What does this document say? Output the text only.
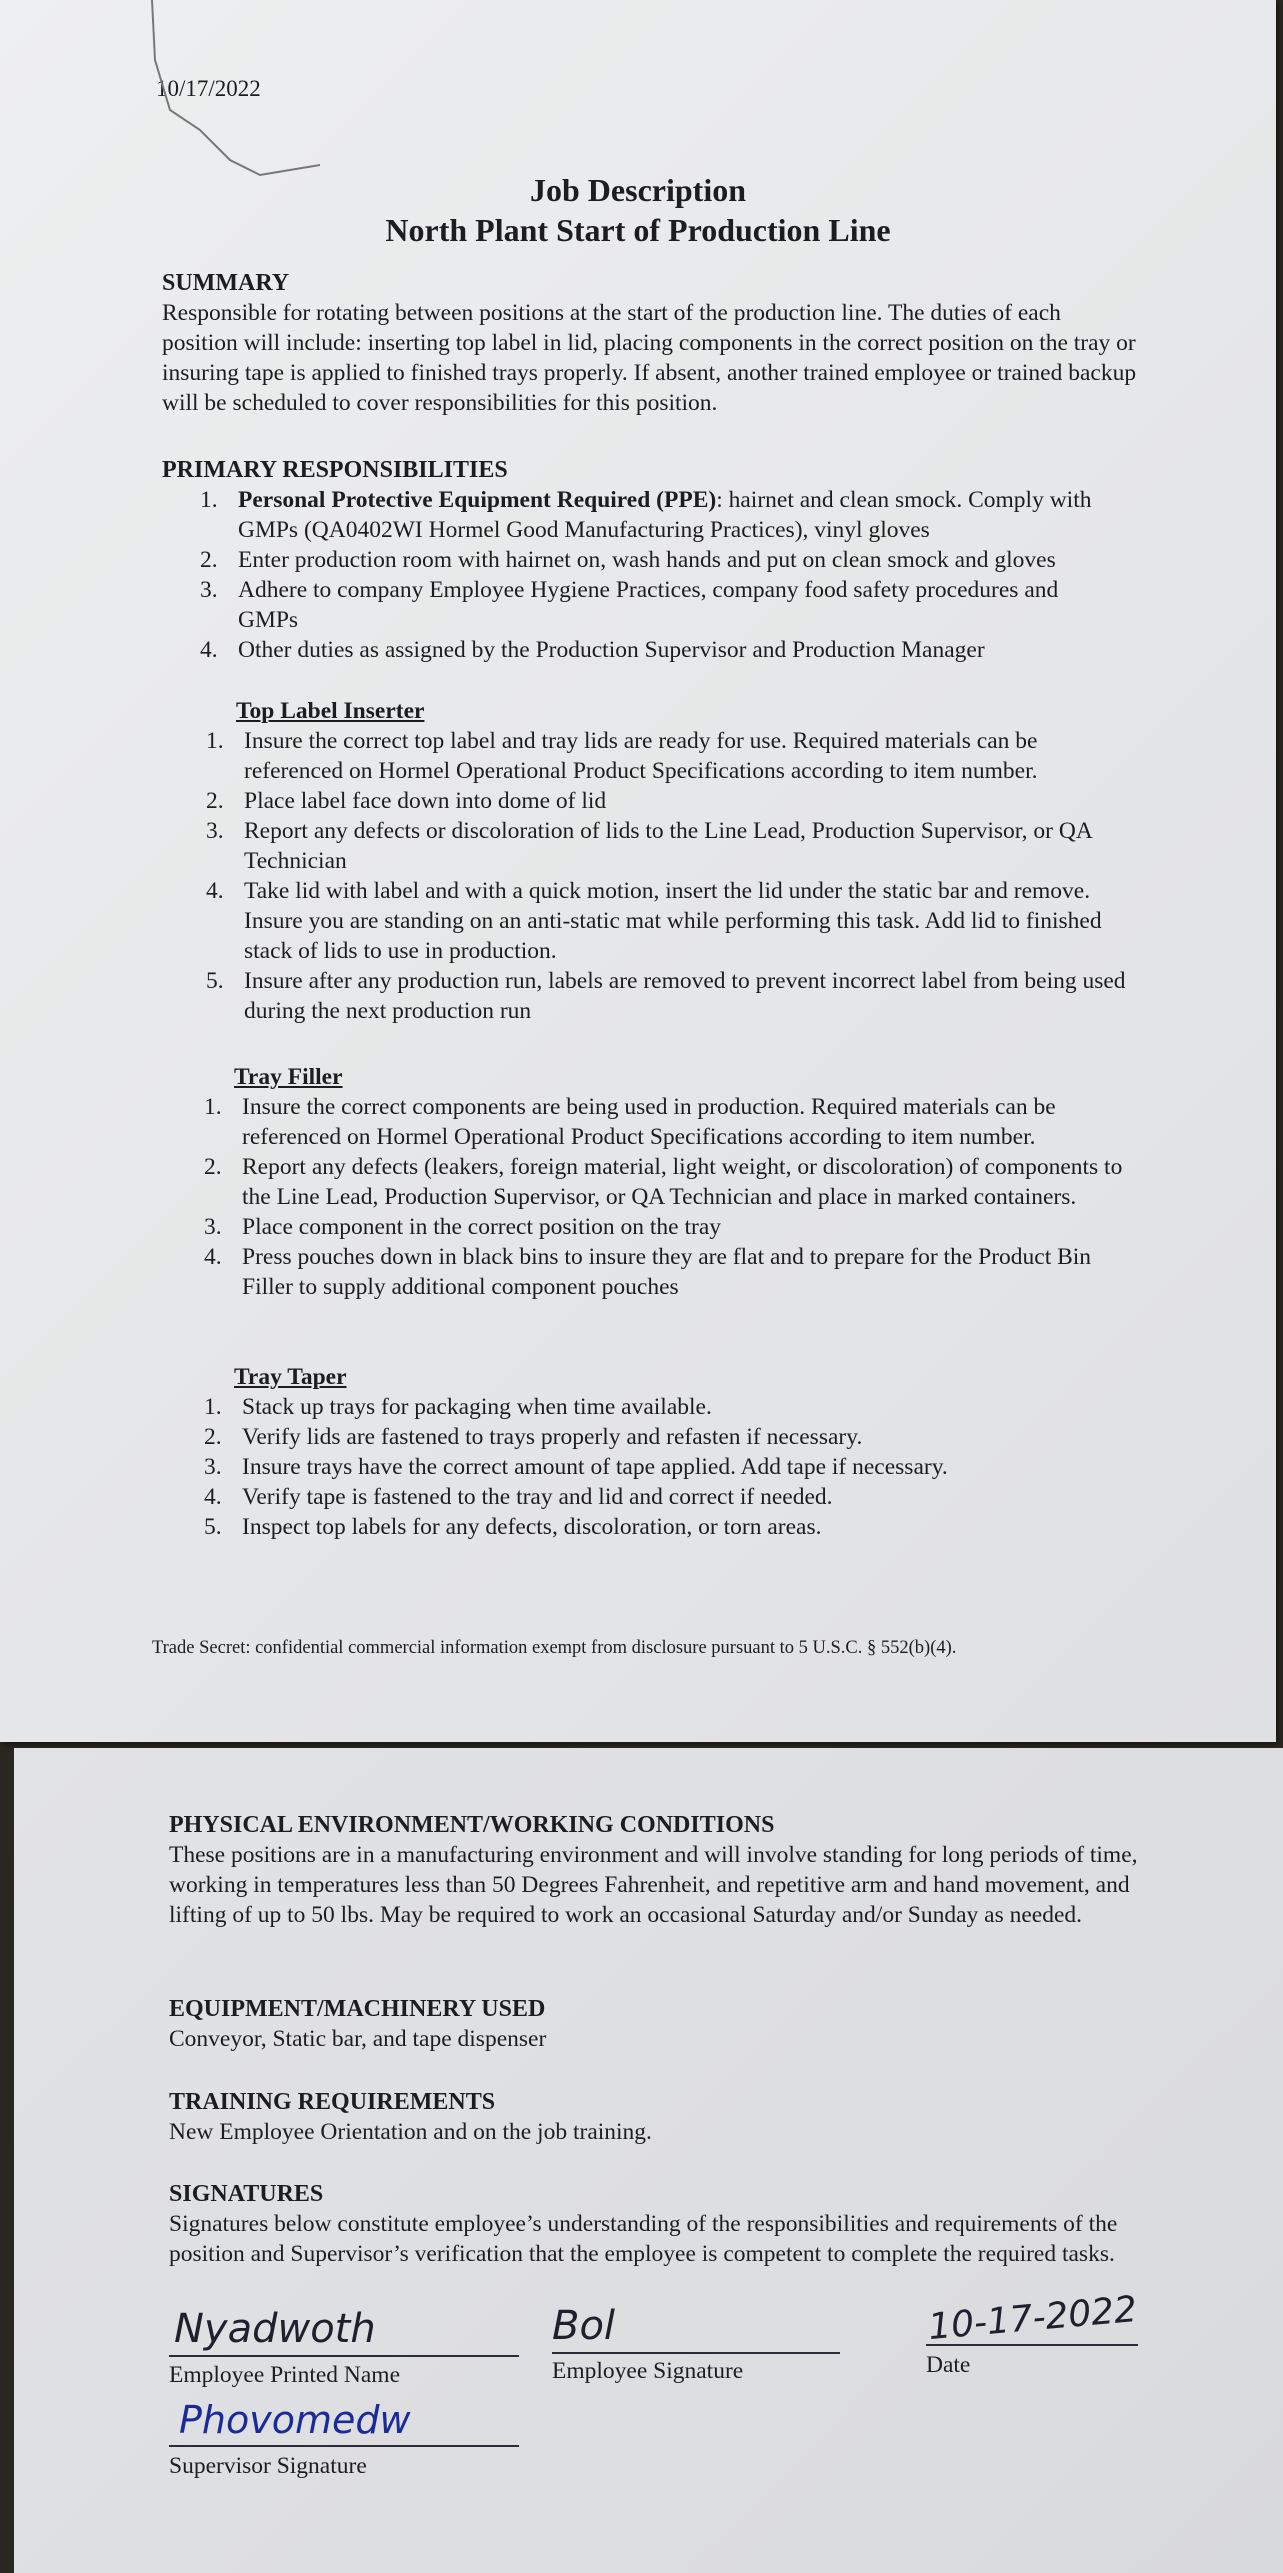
10/17/2022
Job Description
North Plant Start of Production Line
SUMMARY
Responsible for rotating between positions at the start of the production line. The duties of each position will include: inserting top label in lid, placing components in the correct position on the tray or insuring tape is applied to finished trays properly. If absent, another trained employee or trained backup will be scheduled to cover responsibilities for this position.
PRIMARY RESPONSIBILITIES
1. Personal Protective Equipment Required (PPE): hairnet and clean smock. Comply with GMPs (QA0402WI Hormel Good Manufacturing Practices), vinyl gloves
2. Enter production room with hairnet on, wash hands and put on clean smock and gloves
3. Adhere to company Employee Hygiene Practices, company food safety procedures and GMPs
4. Other duties as assigned by the Production Supervisor and Production Manager
Top Label Inserter
1. Insure the correct top label and tray lids are ready for use. Required materials can be referenced on Hormel Operational Product Specifications according to item number.
2. Place label face down into dome of lid
3. Report any defects or discoloration of lids to the Line Lead, Production Supervisor, or QA Technician
4. Take lid with label and with a quick motion, insert the lid under the static bar and remove. Insure you are standing on an anti-static mat while performing this task. Add lid to finished stack of lids to use in production.
5. Insure after any production run, labels are removed to prevent incorrect label from being used during the next production run
Tray Filler
1. Insure the correct components are being used in production. Required materials can be referenced on Hormel Operational Product Specifications according to item number.
2. Report any defects (leakers, foreign material, light weight, or discoloration) of components to the Line Lead, Production Supervisor, or QA Technician and place in marked containers.
3. Place component in the correct position on the tray
4. Press pouches down in black bins to insure they are flat and to prepare for the Product Bin Filler to supply additional component pouches
Tray Taper
1. Stack up trays for packaging when time available.
2. Verify lids are fastened to trays properly and refasten if necessary.
3. Insure trays have the correct amount of tape applied. Add tape if necessary.
4. Verify tape is fastened to the tray and lid and correct if needed.
5. Inspect top labels for any defects, discoloration, or torn areas.
Trade Secret: confidential commercial information exempt from disclosure pursuant to 5 U.S.C. § 552(b)(4).
PHYSICAL ENVIRONMENT/WORKING CONDITIONS
These positions are in a manufacturing environment and will involve standing for long periods of time, working in temperatures less than 50 Degrees Fahrenheit, and repetitive arm and hand movement, and lifting of up to 50 lbs. May be required to work an occasional Saturday and/or Sunday as needed.
EQUIPMENT/MACHINERY USED
Conveyor, Static bar, and tape dispenser
TRAINING REQUIREMENTS
New Employee Orientation and on the job training.
SIGNATURES
Signatures below constitute employee’s understanding of the responsibilities and requirements of the position and Supervisor’s verification that the employee is competent to complete the required tasks.
Nyadwoth
Employee Printed Name
Bol
Employee Signature
10-17-2022
Date
Phovomedw
Supervisor Signature
